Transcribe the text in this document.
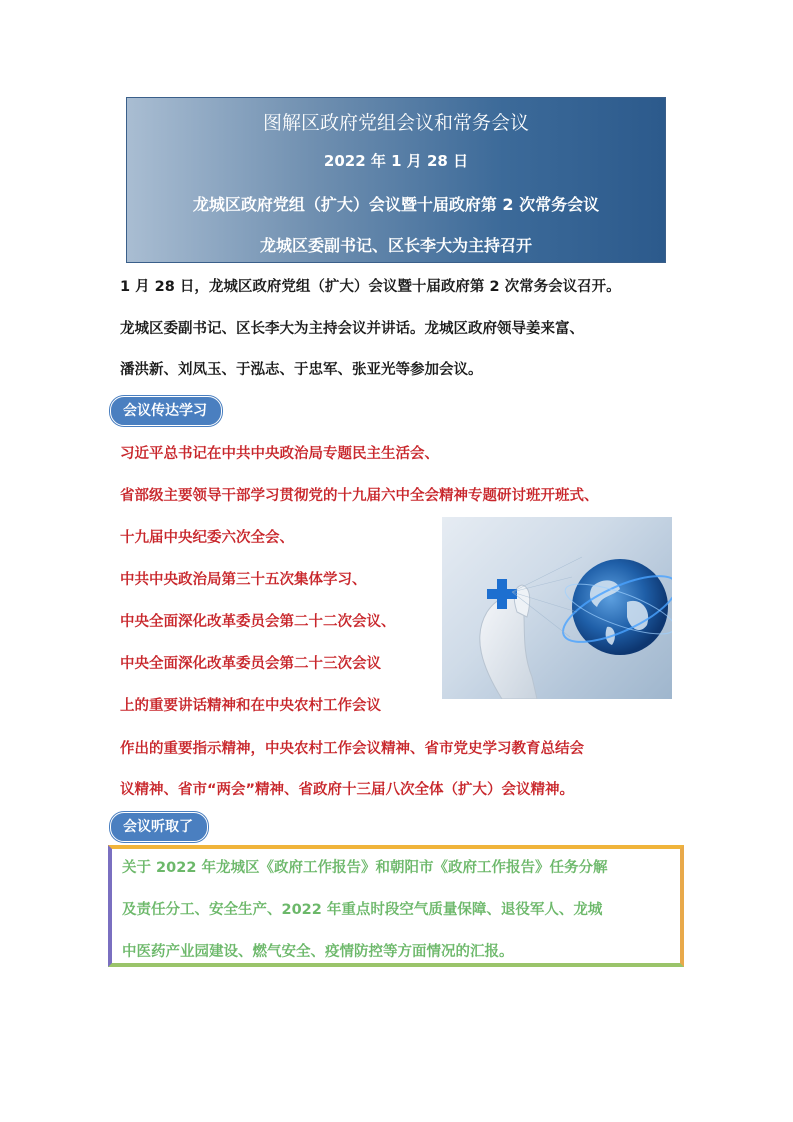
图解区政府党组会议和常务会议
2022 年 1 月 28 日
龙城区政府党组（扩大）会议暨十届政府第 2 次常务会议
龙城区委副书记、区长李大为主持召开
1 月 28 日，龙城区政府党组（扩大）会议暨十届政府第 2 次常务会议召开。
龙城区委副书记、区长李大为主持会议并讲话。龙城区政府领导姜来富、
潘洪新、刘凤玉、于泓志、于忠军、张亚光等参加会议。
会议传达学习
习近平总书记在中共中央政治局专题民主生活会、
省部级主要领导干部学习贯彻党的十九届六中全会精神专题研讨班开班式、
十九届中央纪委六次全会、
中共中央政治局第三十五次集体学习、
中央全面深化改革委员会第二十二次会议、
中央全面深化改革委员会第二十三次会议
上的重要讲话精神和在中央农村工作会议
作出的重要指示精神，中央农村工作会议精神、省市党史学习教育总结会
议精神、省市“两会”精神、省政府十三届八次全体（扩大）会议精神。
会议听取了
关于 2022 年龙城区《政府工作报告》和朝阳市《政府工作报告》任务分解
及责任分工、安全生产、2022 年重点时段空气质量保障、退役军人、龙城
中医药产业园建设、燃气安全、疫情防控等方面情况的汇报。
